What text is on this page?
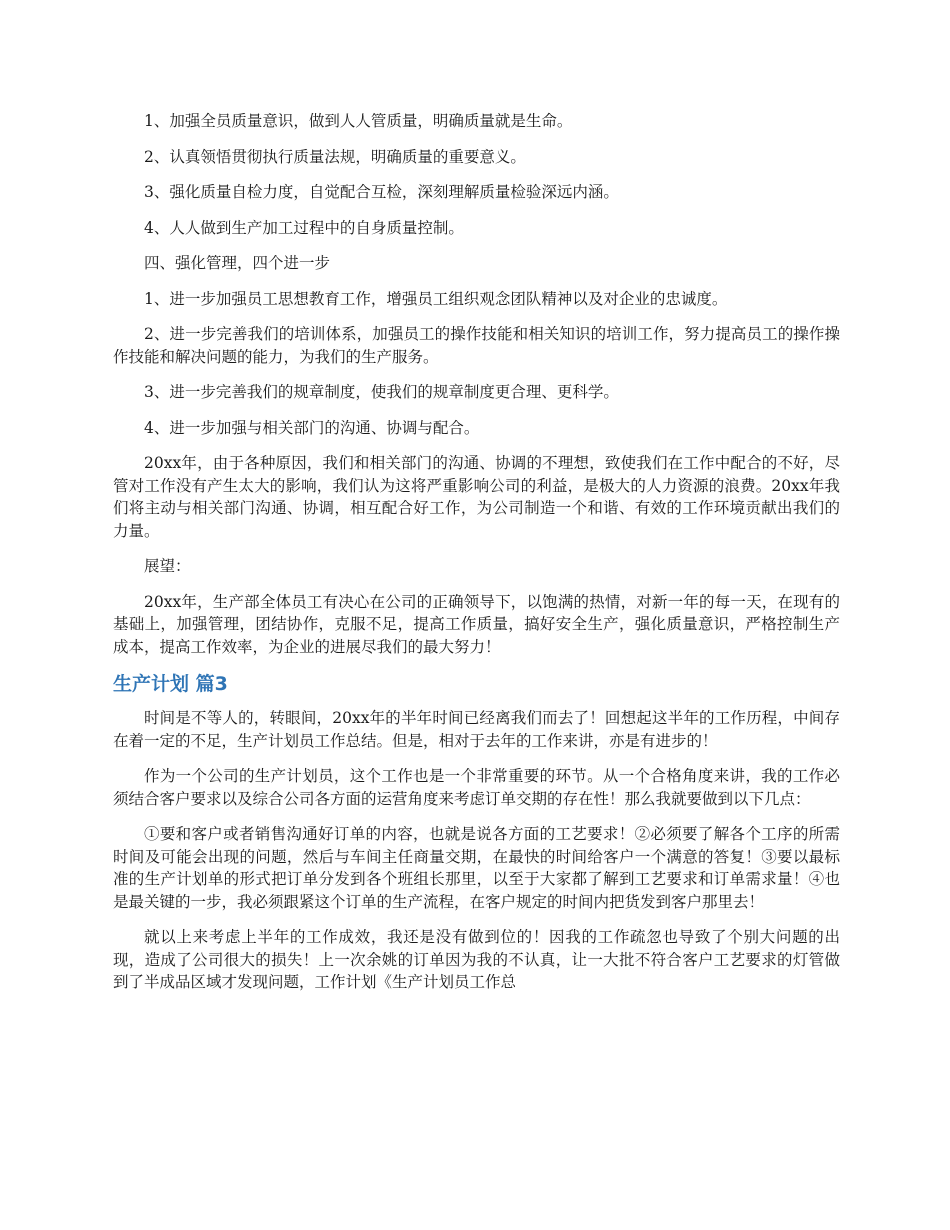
1、加强全员质量意识，做到人人管质量，明确质量就是生命。

2、认真领悟贯彻执行质量法规，明确质量的重要意义。

3、强化质量自检力度，自觉配合互检，深刻理解质量检验深远内涵。

4、人人做到生产加工过程中的自身质量控制。

四、强化管理，四个进一步

1、进一步加强员工思想教育工作，增强员工组织观念团队精神以及对企业的忠诚度。

2、进一步完善我们的培训体系，加强员工的操作技能和相关知识的培训工作，努力提高员工的操作操作技能和解决问题的能力，为我们的生产服务。

3、进一步完善我们的规章制度，使我们的规章制度更合理、更科学。

4、进一步加强与相关部门的沟通、协调与配合。

20xx年，由于各种原因，我们和相关部门的沟通、协调的不理想，致使我们在工作中配合的不好，尽管对工作没有产生太大的影响，我们认为这将严重影响公司的利益，是极大的人力资源的浪费。20xx年我们将主动与相关部门沟通、协调，相互配合好工作，为公司制造一个和谐、有效的工作环境贡献出我们的力量。

展望：

20xx年，生产部全体员工有决心在公司的正确领导下，以饱满的热情，对新一年的每一天，在现有的基础上，加强管理，团结协作，克服不足，提高工作质量，搞好安全生产，强化质量意识，严格控制生产成本，提高工作效率，为企业的进展尽我们的最大努力！

生产计划 篇3

时间是不等人的，转眼间，20xx年的半年时间已经离我们而去了！回想起这半年的工作历程，中间存在着一定的不足，生产计划员工作总结。但是，相对于去年的工作来讲，亦是有进步的！

作为一个公司的生产计划员，这个工作也是一个非常重要的环节。从一个合格角度来讲，我的工作必须结合客户要求以及综合公司各方面的运营角度来考虑订单交期的存在性！那么我就要做到以下几点：

①要和客户或者销售沟通好订单的内容，也就是说各方面的工艺要求！②必须要了解各个工序的所需时间及可能会出现的问题，然后与车间主任商量交期，在最快的时间给客户一个满意的答复！③要以最标准的生产计划单的形式把订单分发到各个班组长那里，以至于大家都了解到工艺要求和订单需求量！④也是最关键的一步，我必须跟紧这个订单的生产流程，在客户规定的时间内把货发到客户那里去！

就以上来考虑上半年的工作成效，我还是没有做到位的！因我的工作疏忽也导致了个别大问题的出现，造成了公司很大的损失！上一次余姚的订单因为我的不认真，让一大批不符合客户工艺要求的灯管做到了半成品区域才发现问题，工作计划《生产计划员工作总
